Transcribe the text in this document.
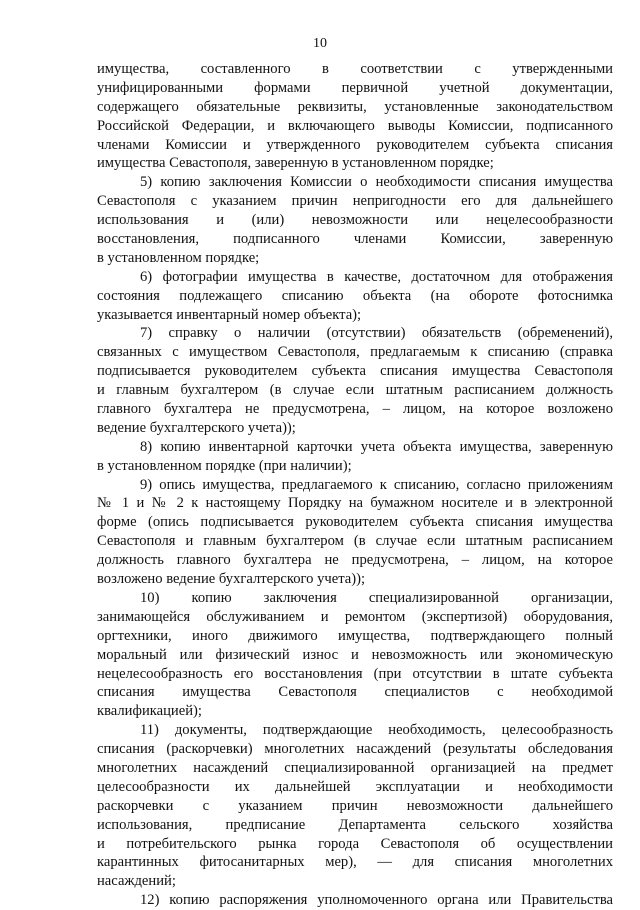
10
имущества, составленного в соответствии с утвержденными
унифицированными формами первичной учетной документации,
содержащего обязательные реквизиты, установленные законодательством
Российской Федерации, и включающего выводы Комиссии, подписанного
членами Комиссии и утвержденного руководителем субъекта списания
имущества Севастополя, заверенную в установленном порядке;
5) копию заключения Комиссии о необходимости списания имущества
Севастополя с указанием причин непригодности его для дальнейшего
использования и (или) невозможности или нецелесообразности
восстановления, подписанного членами Комиссии, заверенную
в установленном порядке;
6) фотографии имущества в качестве, достаточном для отображения
состояния подлежащего списанию объекта (на обороте фотоснимка
указывается инвентарный номер объекта);
7) справку о наличии (отсутствии) обязательств (обременений),
связанных с имуществом Севастополя, предлагаемым к списанию (справка
подписывается руководителем субъекта списания имущества Севастополя
и главным бухгалтером (в случае если штатным расписанием должность
главного бухгалтера не предусмотрена, – лицом, на которое возложено
ведение бухгалтерского учета));
8) копию инвентарной карточки учета объекта имущества, заверенную
в установленном порядке (при наличии);
9) опись имущества, предлагаемого к списанию, согласно приложениям
№ 1 и № 2 к настоящему Порядку на бумажном носителе и в электронной
форме (опись подписывается руководителем субъекта списания имущества
Севастополя и главным бухгалтером (в случае если штатным расписанием
должность главного бухгалтера не предусмотрена, – лицом, на которое
возложено ведение бухгалтерского учета));
10) копию заключения специализированной организации,
занимающейся обслуживанием и ремонтом (экспертизой) оборудования,
оргтехники, иного движимого имущества, подтверждающего полный
моральный или физический износ и невозможность или экономическую
нецелесообразность его восстановления (при отсутствии в штате субъекта
списания имущества Севастополя специалистов с необходимой
квалификацией);
11) документы, подтверждающие необходимость, целесообразность
списания (раскорчевки) многолетних насаждений (результаты обследования
многолетних насаждений специализированной организацией на предмет
целесообразности их дальнейшей эксплуатации и необходимости
раскорчевки с указанием причин невозможности дальнейшего
использования, предписание Департамента сельского хозяйства
и потребительского рынка города Севастополя об осуществлении
карантинных фитосанитарных мер), — для списания многолетних
насаждений;
12) копию распоряжения уполномоченного органа или Правительства
